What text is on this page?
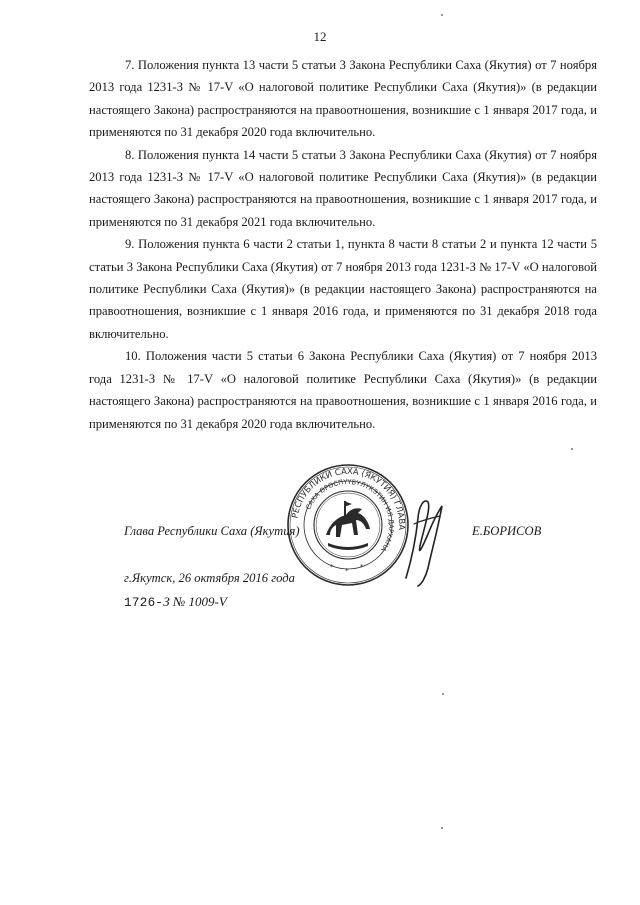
12

7. Положения пункта 13 части 5 статьи 3 Закона Республики Саха (Якутия) от 7 ноября 2013 года 1231-З № 17-V «О налоговой политике Республики Саха (Якутия)» (в редакции настоящего Закона) распространяются на правоотношения, возникшие с 1 января 2017 года, и применяются по 31 декабря 2020 года включительно.

8. Положения пункта 14 части 5 статьи 3 Закона Республики Саха (Якутия) от 7 ноября 2013 года 1231-З № 17-V «О налоговой политике Республики Саха (Якутия)» (в редакции настоящего Закона) распространяются на правоотношения, возникшие с 1 января 2017 года, и применяются по 31 декабря 2021 года включительно.

9. Положения пункта 6 части 2 статьи 1, пункта 8 части 8 статьи 2 и пункта 12 части 5 статьи 3 Закона Республики Саха (Якутия) от 7 ноября 2013 года 1231-З № 17-V «О налоговой политике Республики Саха (Якутия)» (в редакции настоящего Закона) распространяются на правоотношения, возникшие с 1 января 2016 года, и применяются по 31 декабря 2018 года включительно.

10. Положения части 5 статьи 6 Закона Республики Саха (Якутия) от 7 ноября 2013 года 1231-З № 17-V «О налоговой политике Республики Саха (Якутия)» (в редакции настоящего Закона) распространяются на правоотношения, возникшие с 1 января 2016 года, и применяются по 31 декабря 2020 года включительно.

РЕСПУБЛИКИ САХА (ЯКУТИЯ) ГЛАВА
САХА ӨРӨСПҮҮБҮЛҮКЭТИН ИЛ ДАРХАНА
* * *
Глава Республики Саха (Якутия)	Е.БОРИСОВ
г.Якутск, 26 октября 2016 года
1726-З № 1009-V
